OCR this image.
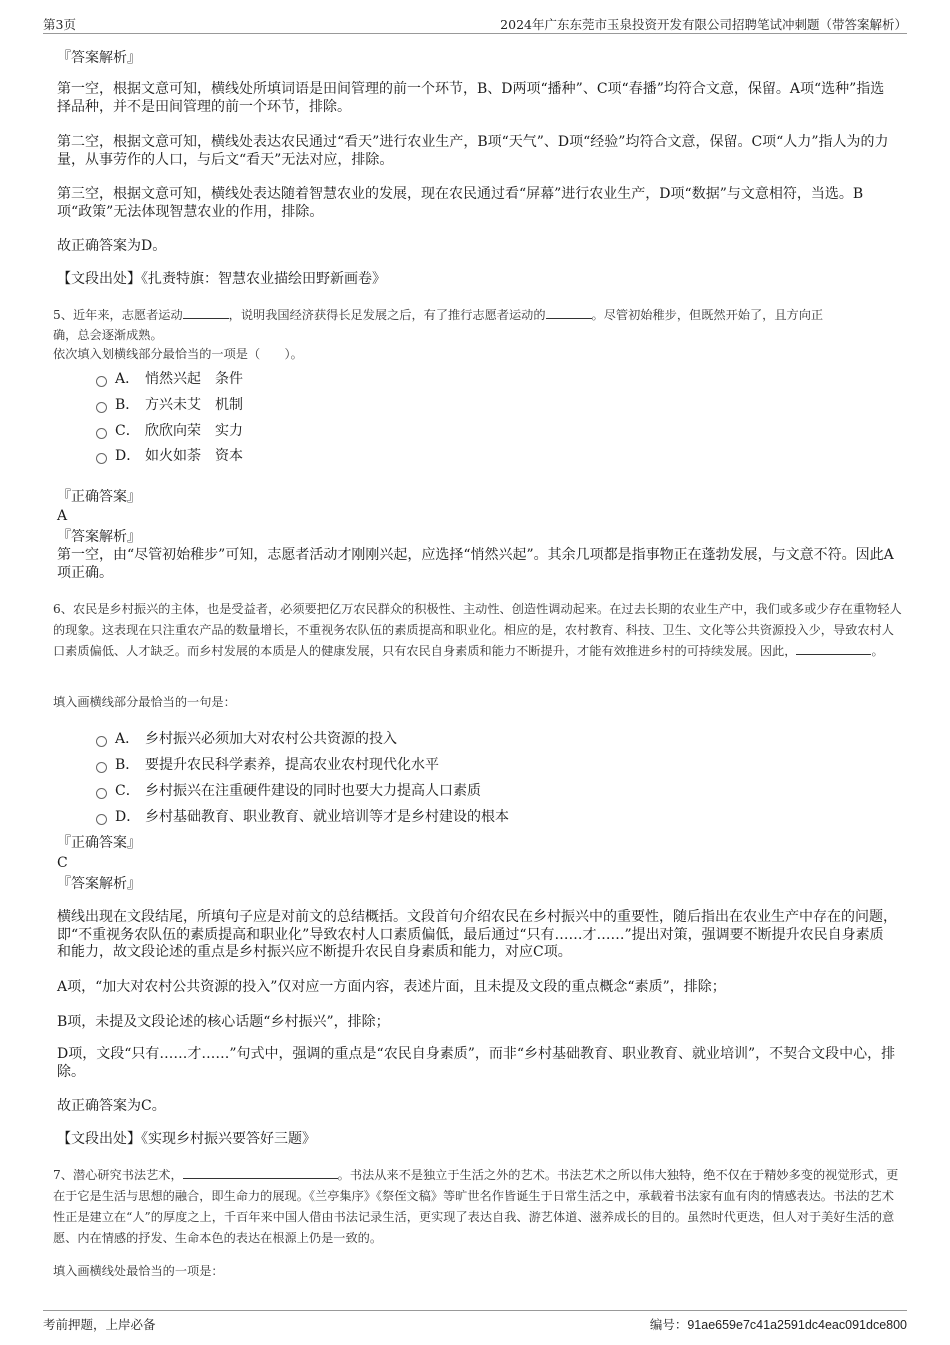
第3页	2024年广东东莞市玉泉投资开发有限公司招聘笔试冲刺题（带答案解析）
『答案解析』
第一空，根据文意可知，横线处所填词语是田间管理的前一个环节，B、D两项“播种”、C项“春播”均符合文意，保留。A项“选种”指选择品种，并不是田间管理的前一个环节，排除。
第二空，根据文意可知，横线处表达农民通过“看天”进行农业生产，B项“天气”、D项“经验”均符合文意，保留。C项“人力”指人为的力量，从事劳作的人口，与后文“看天”无法对应，排除。
第三空，根据文意可知，横线处表达随着智慧农业的发展，现在农民通过看“屏幕”进行农业生产，D项“数据”与文意相符，当选。B项“政策”无法体现智慧农业的作用，排除。
故正确答案为D。
【文段出处】《扎赉特旗：智慧农业描绘田野新画卷》
5、近年来，志愿者运动	，说明我国经济获得长足发展之后，有了推行志愿者运动的	。尽管初始稚步，但既然开始了，且方向正
确，总会逐渐成熟。
依次填入划横线部分最恰当的一项是（　　）。
A． 悄然兴起 条件
B． 方兴未艾 机制
C． 欣欣向荣 实力
D． 如火如荼 资本
『正确答案』
A
『答案解析』
第一空，由“尽管初始稚步”可知，志愿者活动才刚刚兴起，应选择“悄然兴起”。其余几项都是指事物正在蓬勃发展，与文意不符。因此A项正确。
6、农民是乡村振兴的主体，也是受益者，必须要把亿万农民群众的积极性、主动性、创造性调动起来。在过去长期的农业生产中，我们或多或少存在重物轻人的现象。这表现在只注重农产品的数量增长，不重视务农队伍的素质提高和职业化。相应的是，农村教育、科技、卫生、文化等公共资源投入少，导致农村人口素质偏低、人才缺乏。而乡村发展的本质是人的健康发展，只有农民自身素质和能力不断提升，才能有效推进乡村的可持续发展。因此，	。
填入画横线部分最恰当的一句是：
A． 乡村振兴必须加大对农村公共资源的投入
B． 要提升农民科学素养，提高农业农村现代化水平
C． 乡村振兴在注重硬件建设的同时也要大力提高人口素质
D． 乡村基础教育、职业教育、就业培训等才是乡村建设的根本
『正确答案』
C
『答案解析』
横线出现在文段结尾，所填句子应是对前文的总结概括。文段首句介绍农民在乡村振兴中的重要性，随后指出在农业生产中存在的问题，即“不重视务农队伍的素质提高和职业化”导致农村人口素质偏低，最后通过“只有……才……”提出对策，强调要不断提升农民自身素质和能力，故文段论述的重点是乡村振兴应不断提升农民自身素质和能力，对应C项。
A项，“加大对农村公共资源的投入”仅对应一方面内容，表述片面，且未提及文段的重点概念“素质”，排除；
B项，未提及文段论述的核心话题“乡村振兴”，排除；
D项，文段“只有……才……”句式中，强调的重点是“农民自身素质”，而非“乡村基础教育、职业教育、就业培训”，不契合文段中心，排除。
故正确答案为C。
【文段出处】《实现乡村振兴要答好三题》
7、潜心研究书法艺术，	。书法从来不是独立于生活之外的艺术。书法艺术之所以伟大独特，绝不仅在于精妙多变的视觉形式，更在于它是生活与思想的融合，即生命力的展现。《兰亭集序》《祭侄文稿》等旷世名作皆诞生于日常生活之中，承载着书法家有血有肉的情感表达。书法的艺术性正是建立在“人”的厚度之上，千百年来中国人借由书法记录生活，更实现了表达自我、游艺体道、滋养成长的目的。虽然时代更迭，但人对于美好生活的意愿、内在情感的抒发、生命本色的表达在根源上仍是一致的。
填入画横线处最恰当的一项是：
考前押题，上岸必备	编号：91ae659e7c41a2591dc4eac091dce800
